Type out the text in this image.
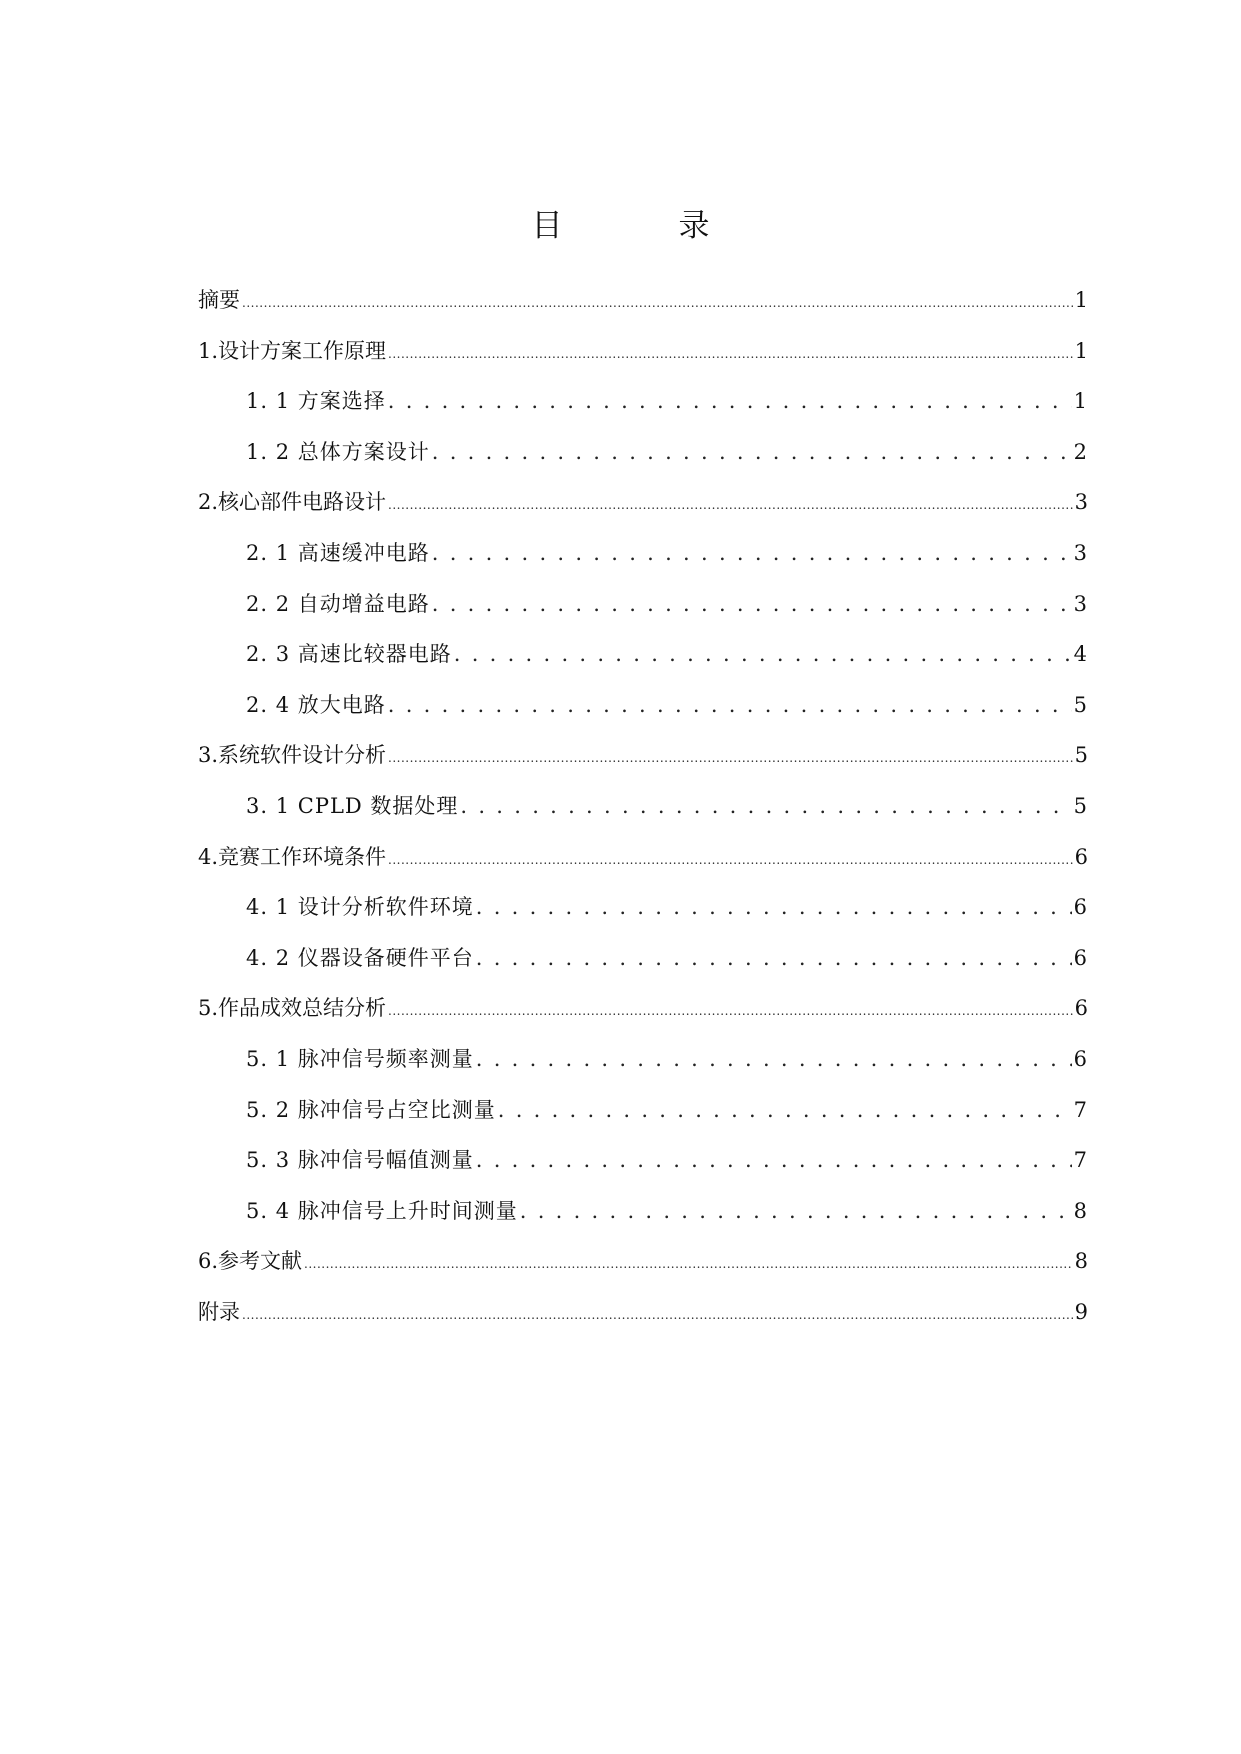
目	录
摘要 .....	1
1.设计方案工作原理 .....	1
1. 1 方案选择 . . .	1
1. 2 总体方案设计 . . .	2
2.核心部件电路设计 .....	3
2. 1 高速缓冲电路 . . .	3
2. 2 自动增益电路 . . .	3
2. 3 高速比较器电路 . . .	4
2. 4 放大电路 . . .	5
3.系统软件设计分析 .....	5
3. 1 CPLD 数据处理 . . .	5
4.竞赛工作环境条件 .....	6
4. 1 设计分析软件环境 . . .	6
4. 2 仪器设备硬件平台 . . .	6
5.作品成效总结分析 .....	6
5. 1 脉冲信号频率测量 . . .	6
5. 2 脉冲信号占空比测量 . . .	7
5. 3 脉冲信号幅值测量 . . .	7
5. 4 脉冲信号上升时间测量 . . .	8
6.参考文献 .....	8
附录 .....	9
